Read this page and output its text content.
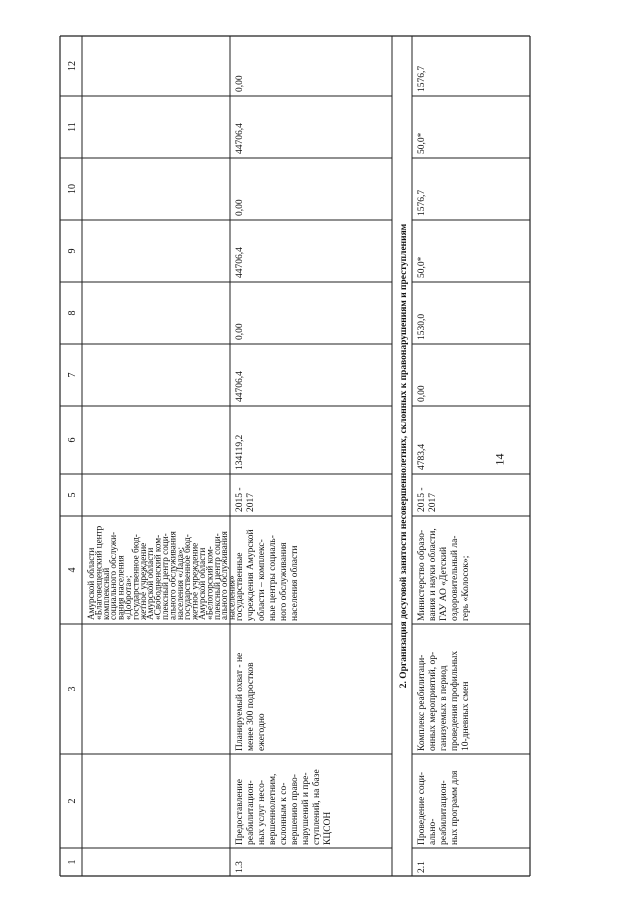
1
2
3
4
5
6
7
8
9
10
11
12
Амурской области
«Благовещенский центр
комплексный
социального обслужи-
вания населения
«Доброта»;
государственное бюд-
жетное учреждение
Амурской области
«Свободненский ком-
плексный центр соци-
ального обслуживания
населения «Лада»;
государственное бюд-
жетное учреждение
Амурской области
«Белогорский ком-
плексный центр соци-
ального обслуживания
населения»
1.3
Предоставление реабилитацион- ных услуг несо- вершеннолетним, склонным к со- вершению право- нарушений и пре- ступлений, на базе КЦСОН
Планируемый охват - не менее 300 подростков ежегодно
государственные учреждения Амурской области – комплекс- ные центры социаль- ного обслуживания населения области
2015 - 2017
134119,2
44706,4
0,00
44706,4
0,00
44706,4
0,00
2. Организация досуговой занятости несовершеннолетних, склонных к правонарушениям и преступлениям
2.1
Проведение соци- ально- реабилитацион- ных программ для
Комплекс реабилитаци- онных мероприятий, ор- ганизуемых в период проведения профильных 10-дневных смен
Министерство образо- вания и науки области, ГАУ АО «Детский оздоровительный ла- герь «Колосок»;
2015 - 2017
4783,4
0,00
1530,0
50,0*
1576,7
50,0*
1576,7
14
